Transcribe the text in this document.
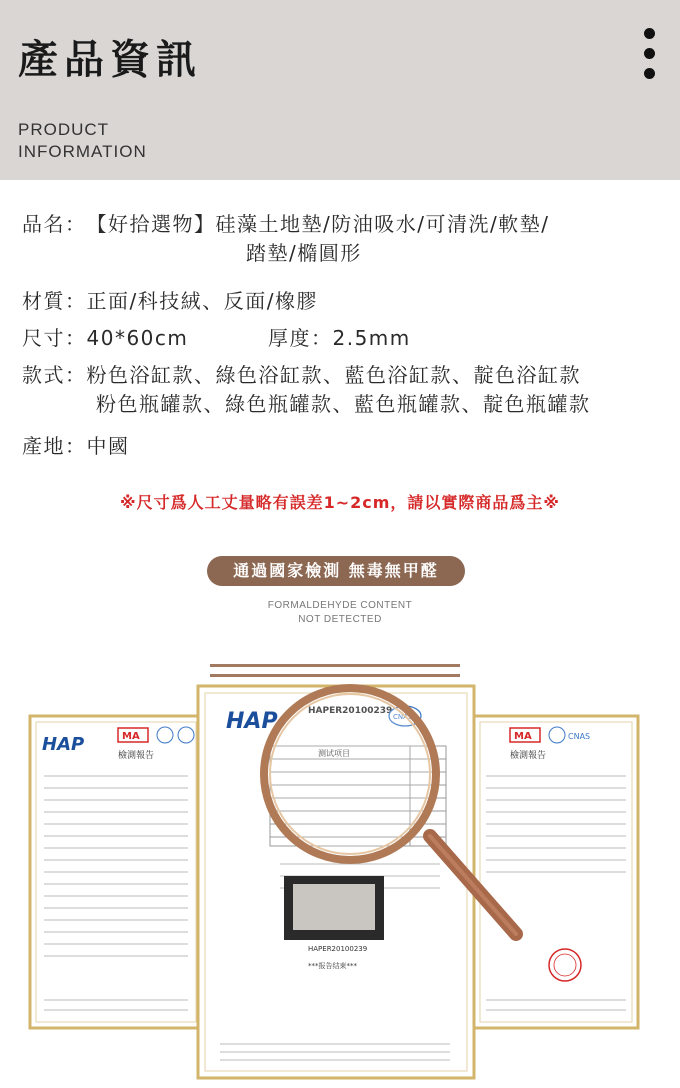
產品資訊
PRODUCT
INFORMATION
品名：【好拾選物】硅藻土地墊/防油吸水/可清洗/軟墊/
踏墊/橢圓形
材質：正面/科技絨、反面/橡膠
尺寸：40*60cm	厚度：2.5mm
款式：粉色浴缸款、綠色浴缸款、藍色浴缸款、靛色浴缸款
粉色瓶罐款、綠色瓶罐款、藍色瓶罐款、靛色瓶罐款
產地：中國
※尺寸爲人工丈量略有誤差1~2cm，請以實際商品爲主※
通過國家檢測 無毒無甲醛
FORMALDEHYDE CONTENT
NOT DETECTED
HAP	MA
檢測報告
MA	CNAS
檢測報告
HAP
HAPER20100239
***报告结束***
